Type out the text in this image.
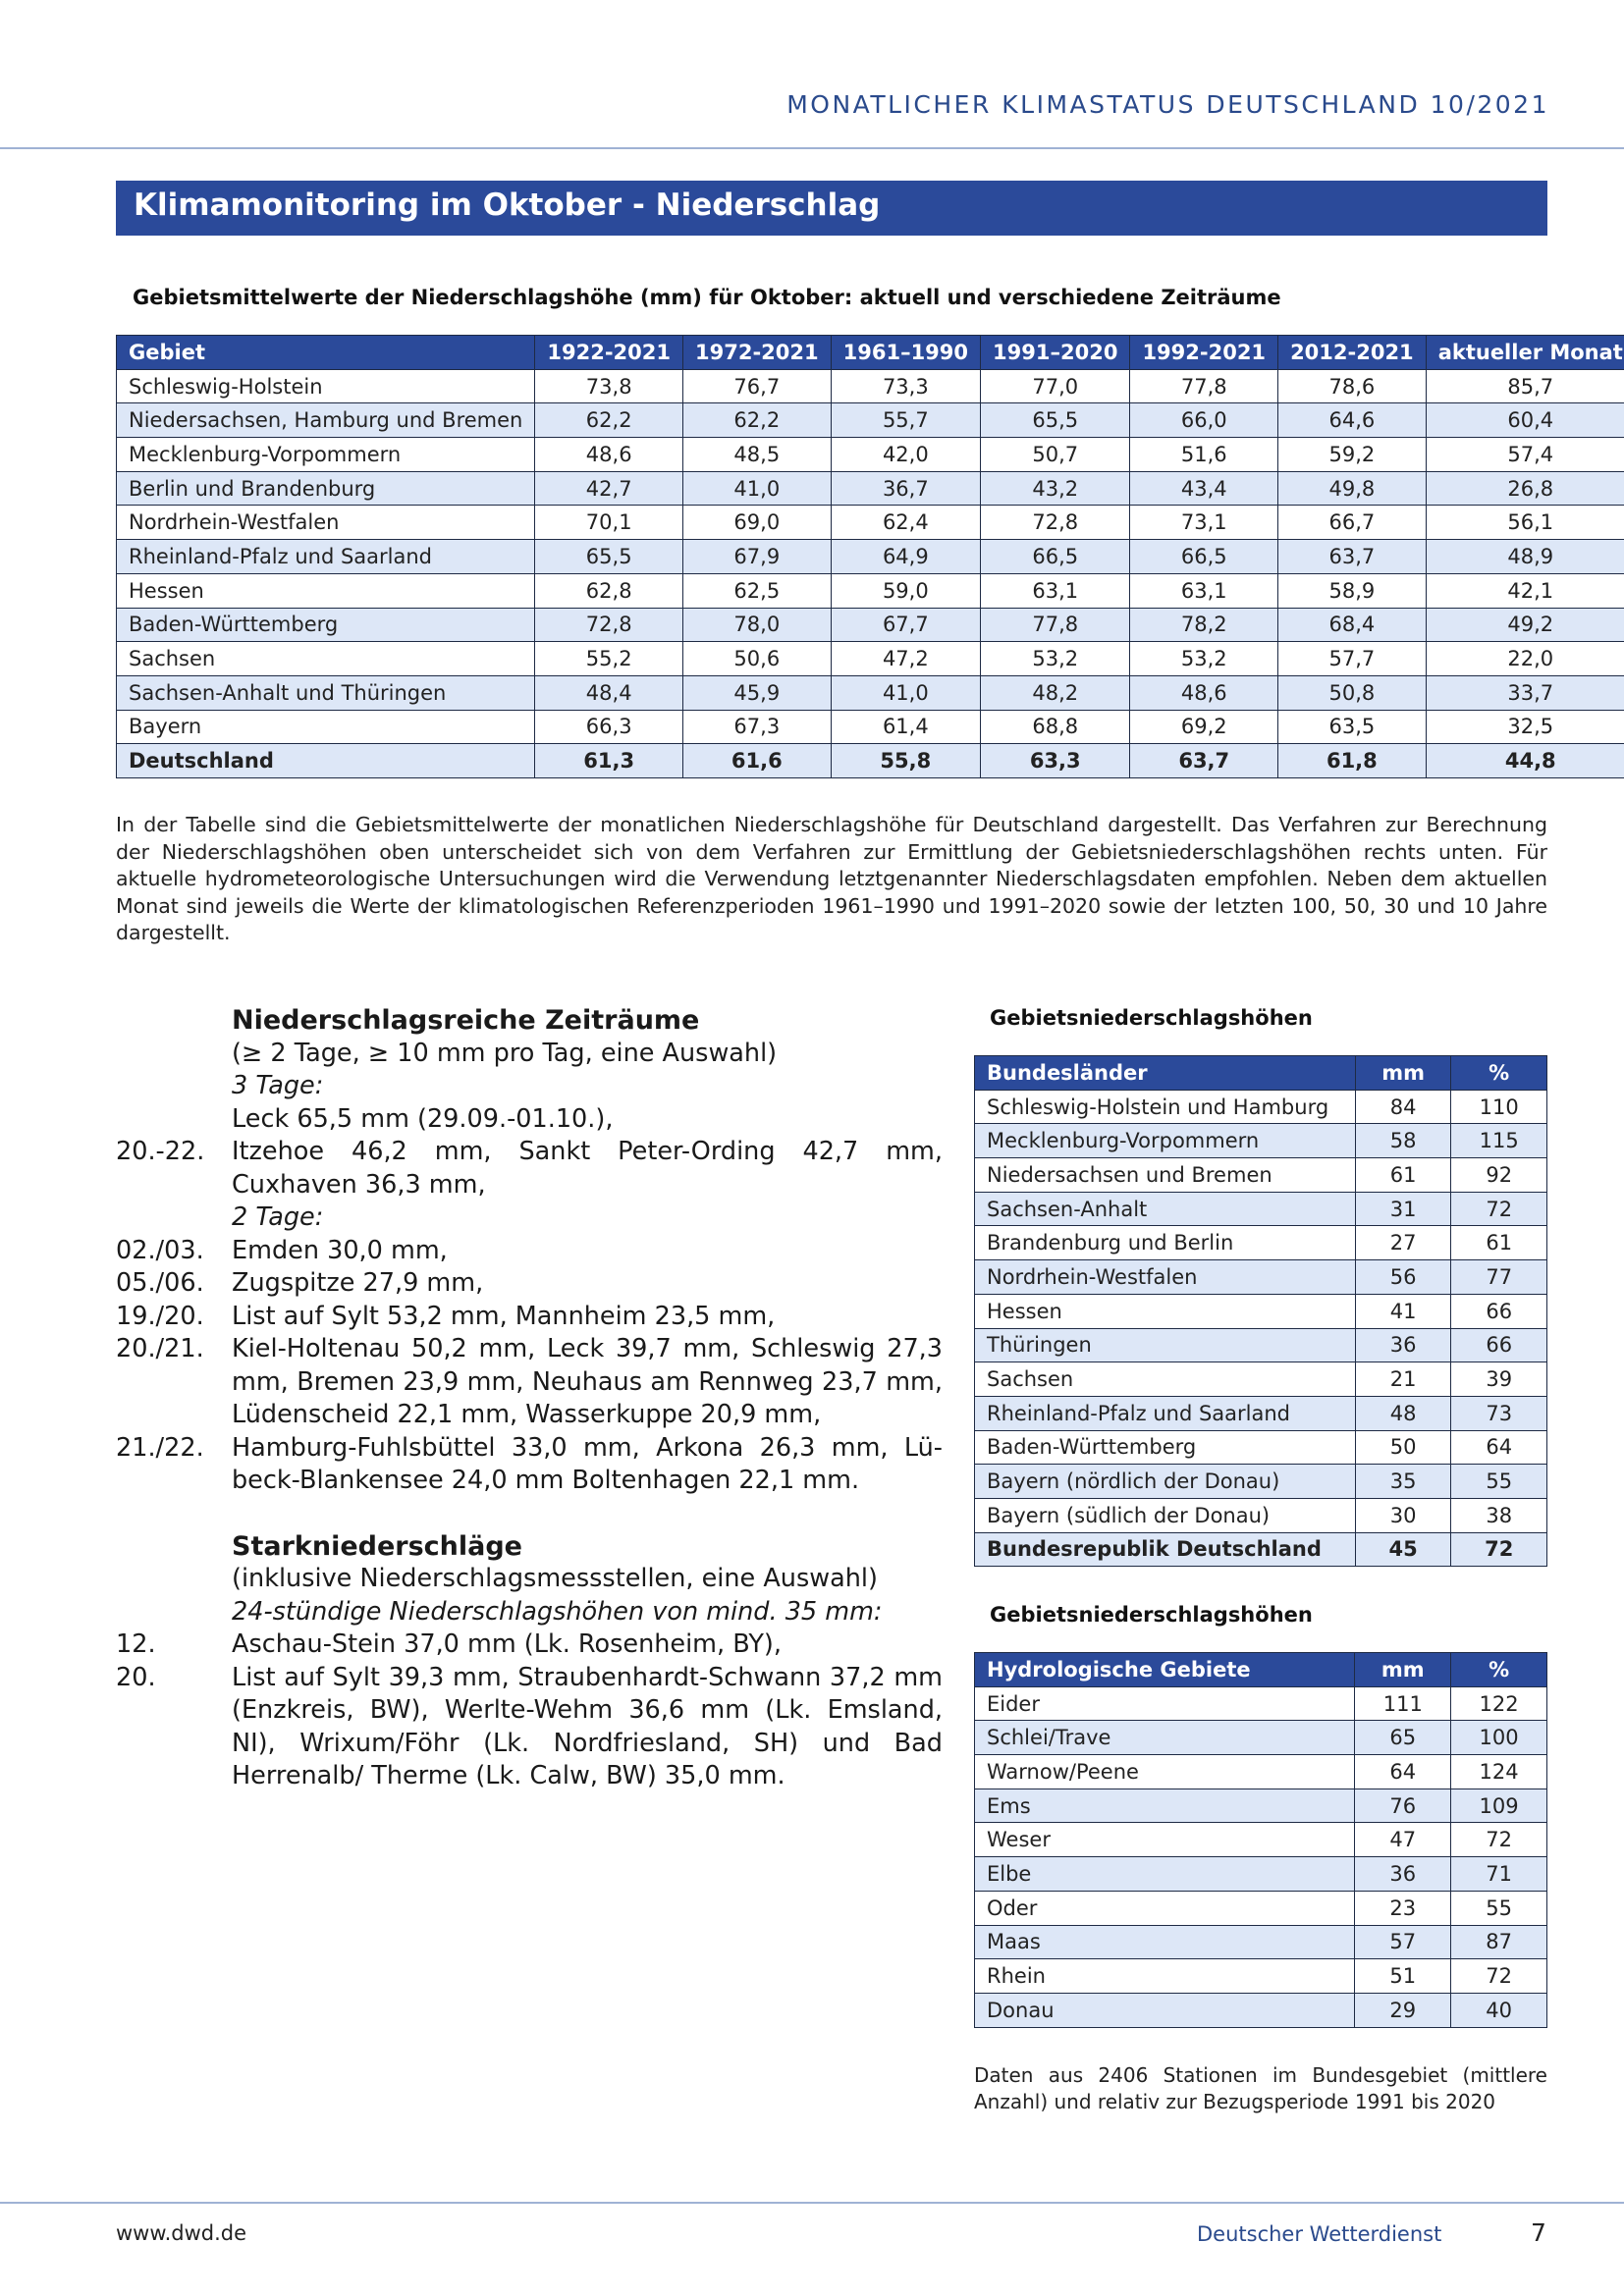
MONATLICHER KLIMASTATUS DEUTSCHLAND 10/2021
Klimamonitoring im Oktober - Niederschlag
Gebietsmittelwerte der Niederschlagshöhe (mm) für Oktober: aktuell und verschiedene Zeiträume
Gebiet	1922-2021	1972-2021	1961–1990	1991–2020	1992-2021	2012-2021	aktueller Monat
Schleswig-Holstein	73,8	76,7	73,3	77,0	77,8	78,6	85,7
Niedersachsen, Hamburg und Bremen	62,2	62,2	55,7	65,5	66,0	64,6	60,4
Mecklenburg-Vorpommern	48,6	48,5	42,0	50,7	51,6	59,2	57,4
Berlin und Brandenburg	42,7	41,0	36,7	43,2	43,4	49,8	26,8
Nordrhein-Westfalen	70,1	69,0	62,4	72,8	73,1	66,7	56,1
Rheinland-Pfalz und Saarland	65,5	67,9	64,9	66,5	66,5	63,7	48,9
Hessen	62,8	62,5	59,0	63,1	63,1	58,9	42,1
Baden-Württemberg	72,8	78,0	67,7	77,8	78,2	68,4	49,2
Sachsen	55,2	50,6	47,2	53,2	53,2	57,7	22,0
Sachsen-Anhalt und Thüringen	48,4	45,9	41,0	48,2	48,6	50,8	33,7
Bayern	66,3	67,3	61,4	68,8	69,2	63,5	32,5
Deutschland	61,3	61,6	55,8	63,3	63,7	61,8	44,8
In der Tabelle sind die Gebietsmittelwerte der monatlichen Niederschlagshöhe für Deutschland dargestellt. Das Verfahren zur Berechnung der Niederschlagshöhen oben unterscheidet sich von dem Verfahren zur Ermittlung der Gebietsniederschlagshöhen rechts unten. Für aktuelle hydrometeorologische Untersuchungen wird die Verwendung letztgenannter Niederschlagsdaten empfohlen. Neben dem aktuellen Monat sind jeweils die Werte der klimatologischen Referenzperioden 1961–1990 und 1991–2020 sowie der letzten 100, 50, 30 und 10 Jahre dargestellt.
Niederschlagsreiche Zeiträume
(≥ 2 Tage, ≥ 10 mm pro Tag, eine Auswahl)
3 Tage:
Leck 65,5 mm (29.09.-01.10.),
20.-22. Itzehoe 46,2 mm, Sankt Peter-Ording 42,7 mm, Cuxhaven 36,3 mm,
2 Tage:
02./03. Emden 30,0 mm,
05./06. Zugspitze 27,9 mm,
19./20. List auf Sylt 53,2 mm, Mannheim 23,5 mm,
20./21. Kiel-Holtenau 50,2 mm, Leck 39,7 mm, Schleswig 27,3 mm, Bremen 23,9 mm, Neuhaus am Rennweg 23,7 mm, Lüdenscheid 22,1 mm, Wasserkuppe 20,9 mm,
21./22. Hamburg-Fuhlsbüttel 33,0 mm, Arkona 26,3 mm, Lübeck-Blankensee 24,0 mm Boltenhagen 22,1 mm.
Starkniederschläge
(inklusive Niederschlagsmessstellen, eine Auswahl)
24-stündige Niederschlagshöhen von mind. 35 mm:
12.	Aschau-Stein 37,0 mm (Lk. Rosenheim, BY),
20.	List auf Sylt 39,3 mm, Straubenhardt-Schwann 37,2 mm (Enzkreis, BW), Werlte-Wehm 36,6 mm (Lk. Emsland, NI), Wrixum/Föhr (Lk. Nordfriesland, SH) und Bad Herrenalb/ Therme (Lk. Calw, BW) 35,0 mm.
Gebietsniederschlagshöhen
Bundesländer	mm	%
Schleswig-Holstein und Hamburg	84	110
Mecklenburg-Vorpommern	58	115
Niedersachsen und Bremen	61	92
Sachsen-Anhalt	31	72
Brandenburg und Berlin	27	61
Nordrhein-Westfalen	56	77
Hessen	41	66
Thüringen	36	66
Sachsen	21	39
Rheinland-Pfalz und Saarland	48	73
Baden-Württemberg	50	64
Bayern (nördlich der Donau)	35	55
Bayern (südlich der Donau)	30	38
Bundesrepublik Deutschland	45	72
Gebietsniederschlagshöhen
Hydrologische Gebiete	mm	%
Eider	111	122
Schlei/Trave	65	100
Warnow/Peene	64	124
Ems	76	109
Weser	47	72
Elbe	36	71
Oder	23	55
Maas	57	87
Rhein	51	72
Donau	29	40
Daten aus 2406 Stationen im Bundesgebiet (mittlere Anzahl) und relativ zur Bezugsperiode 1991 bis 2020
www.dwd.de	Deutscher Wetterdienst	7
